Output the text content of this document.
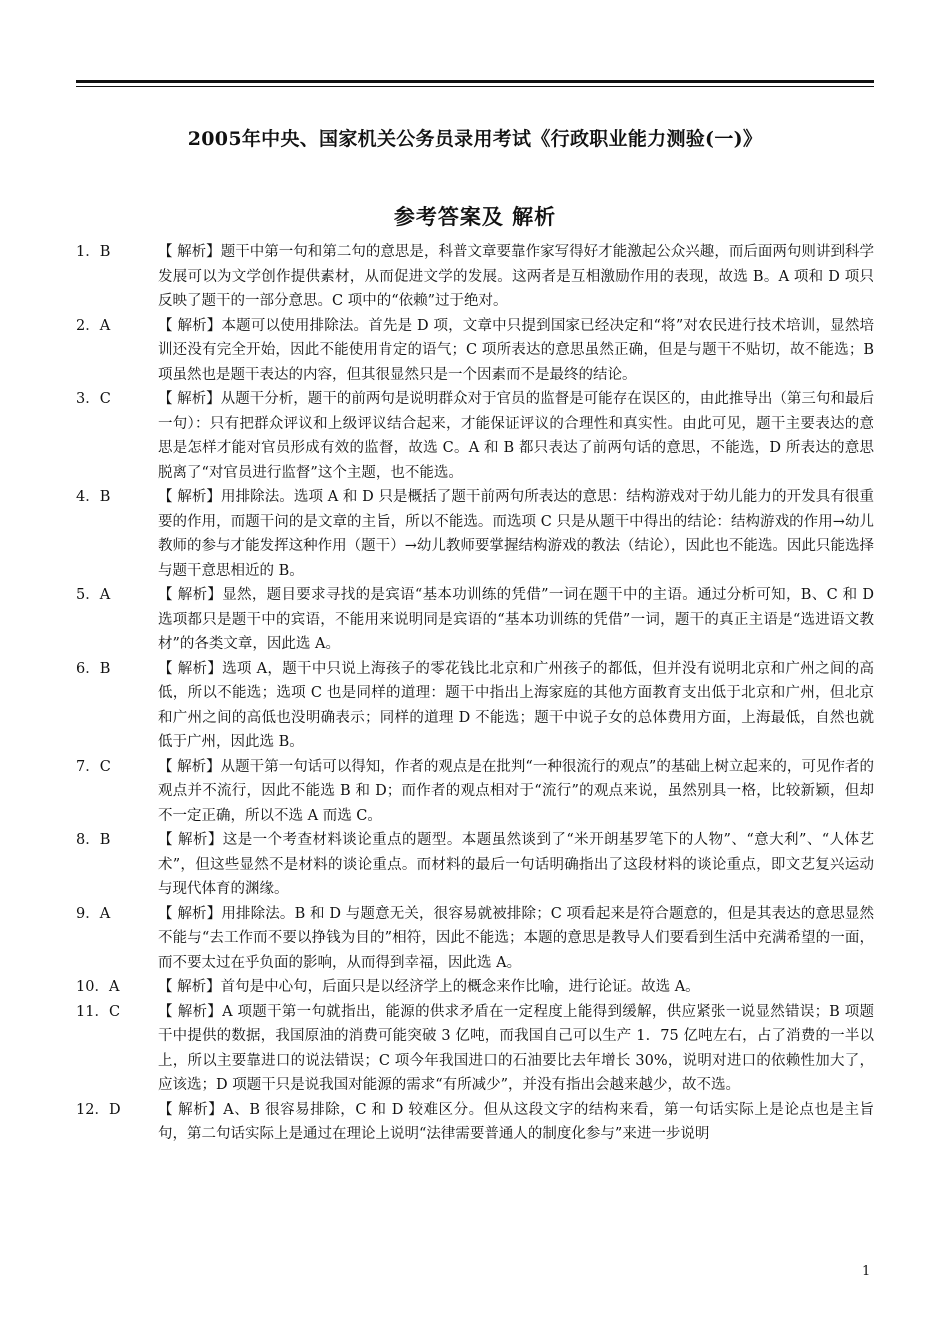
2005年中央、国家机关公务员录用考试《行政职业能力测验(一)》
参考答案及 解析
1．B	【 解析】题干中第一句和第二句的意思是，科普文章要靠作家写得好才能激起公众兴趣，而后面两句则讲到科学发展可以为文学创作提供素材，从而促进文学的发展。这两者是互相激励作用的表现，故选 B。A 项和 D 项只反映了题干的一部分意思。C 项中的“依赖”过于绝对。
2．A	【 解析】本题可以使用排除法。首先是 D 项，文章中只提到国家已经决定和“将”对农民进行技术培训，显然培训还没有完全开始，因此不能使用肯定的语气；C 项所表达的意思虽然正确，但是与题干不贴切，故不能选；B 项虽然也是题干表达的内容，但其很显然只是一个因素而不是最终的结论。
3．C	【 解析】从题干分析，题干的前两句是说明群众对于官员的监督是可能存在误区的，由此推导出（第三句和最后一句）：只有把群众评议和上级评议结合起来，才能保证评议的合理性和真实性。由此可见，题干主要表达的意思是怎样才能对官员形成有效的监督，故选 C。A 和 B 都只表达了前两句话的意思，不能选，D 所表达的意思脱离了“对官员进行监督”这个主题，也不能选。
4．B	【 解析】用排除法。选项 A 和 D 只是概括了题干前两句所表达的意思：结构游戏对于幼儿能力的开发具有很重要的作用，而题干问的是文章的主旨，所以不能选。而选项 C 只是从题干中得出的结论：结构游戏的作用→幼儿教师的参与才能发挥这种作用（题干）→幼儿教师要掌握结构游戏的教法（结论），因此也不能选。因此只能选择与题干意思相近的 B。
5．A	【 解析】显然，题目要求寻找的是宾语“基本功训练的凭借”一词在题干中的主语。通过分析可知，B、C 和 D 选项都只是题干中的宾语，不能用来说明同是宾语的“基本功训练的凭借”一词，题干的真正主语是“选进语文教材”的各类文章，因此选 A。
6．B	【 解析】选项 A，题干中只说上海孩子的零花钱比北京和广州孩子的都低，但并没有说明北京和广州之间的高低，所以不能选；选项 C 也是同样的道理：题干中指出上海家庭的其他方面教育支出低于北京和广州，但北京和广州之间的高低也没明确表示；同样的道理 D 不能选；题干中说子女的总体费用方面，上海最低，自然也就低于广州，因此选 B。
7．C	【 解析】从题干第一句话可以得知，作者的观点是在批判“一种很流行的观点”的基础上树立起来的，可见作者的观点并不流行，因此不能选 B 和 D；而作者的观点相对于“流行”的观点来说，虽然别具一格，比较新颖，但却不一定正确，所以不选 A 而选 C。
8．B	【 解析】这是一个考查材料谈论重点的题型。本题虽然谈到了“米开朗基罗笔下的人物”、“意大利”、“人体艺术”，但这些显然不是材料的谈论重点。而材料的最后一句话明确指出了这段材料的谈论重点，即文艺复兴运动与现代体育的渊缘。
9．A	【 解析】用排除法。B 和 D 与题意无关，很容易就被排除；C 项看起来是符合题意的，但是其表达的意思显然不能与“去工作而不要以挣钱为目的”相符，因此不能选；本题的意思是教导人们要看到生活中充满希望的一面，而不要太过在乎负面的影响，从而得到幸福，因此选 A。
10．A	【 解析】首句是中心句，后面只是以经济学上的概念来作比喻，进行论证。故选 A。
11．C	【 解析】A 项题干第一句就指出，能源的供求矛盾在一定程度上能得到缓解，供应紧张一说显然错误；B 项题干中提供的数据，我国原油的消费可能突破 3 亿吨，而我国自己可以生产 1．75 亿吨左右，占了消费的一半以上，所以主要靠进口的说法错误；C 项今年我国进口的石油要比去年增长 30%，说明对进口的依赖性加大了，应该选；D 项题干只是说我国对能源的需求“有所减少”，并没有指出会越来越少，故不选。
12．D	【 解析】A、B 很容易排除，C 和 D 较难区分。但从这段文字的结构来看，第一句话实际上是论点也是主旨句，第二句话实际上是通过在理论上说明“法律需要普通人的制度化参与”来进一步说明
1
